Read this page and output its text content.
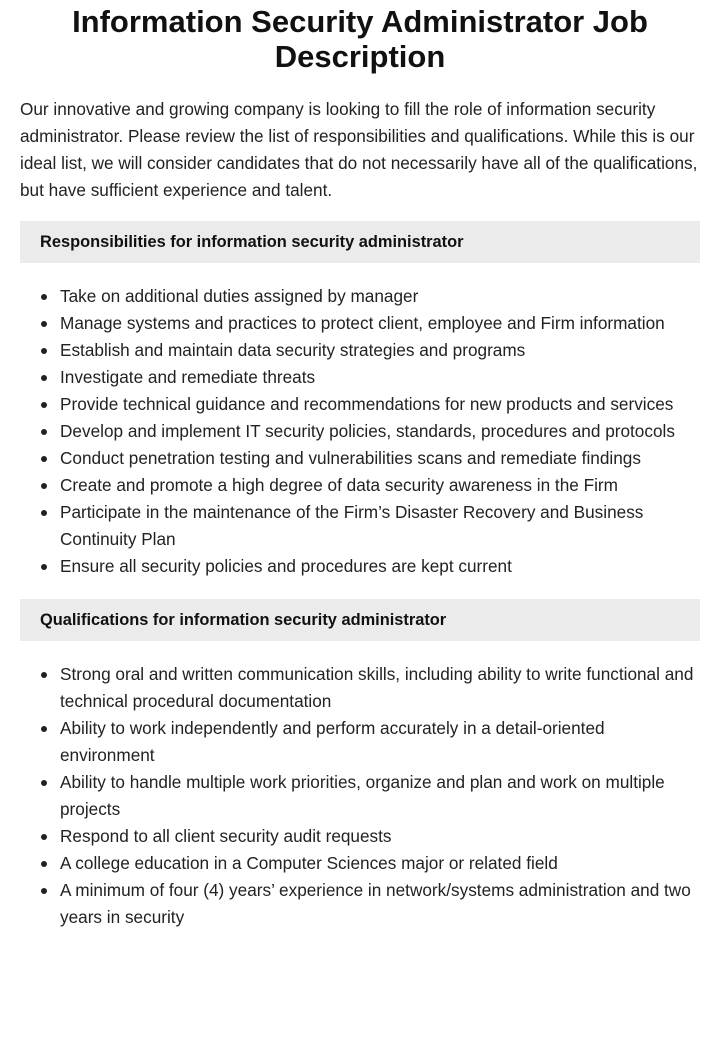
Information Security Administrator Job Description

Our innovative and growing company is looking to fill the role of information security administrator. Please review the list of responsibilities and qualifications. While this is our ideal list, we will consider candidates that do not necessarily have all of the qualifications, but have sufficient experience and talent.

Responsibilities for information security administrator
Take on additional duties assigned by manager
Manage systems and practices to protect client, employee and Firm information
Establish and maintain data security strategies and programs
Investigate and remediate threats
Provide technical guidance and recommendations for new products and services
Develop and implement IT security policies, standards, procedures and protocols
Conduct penetration testing and vulnerabilities scans and remediate findings
Create and promote a high degree of data security awareness in the Firm
Participate in the maintenance of the Firm’s Disaster Recovery and Business Continuity Plan
Ensure all security policies and procedures are kept current
Qualifications for information security administrator
Strong oral and written communication skills, including ability to write functional and technical procedural documentation
Ability to work independently and perform accurately in a detail-oriented environment
Ability to handle multiple work priorities, organize and plan and work on multiple projects
Respond to all client security audit requests
A college education in a Computer Sciences major or related field
A minimum of four (4) years’ experience in network/systems administration and two years in security
